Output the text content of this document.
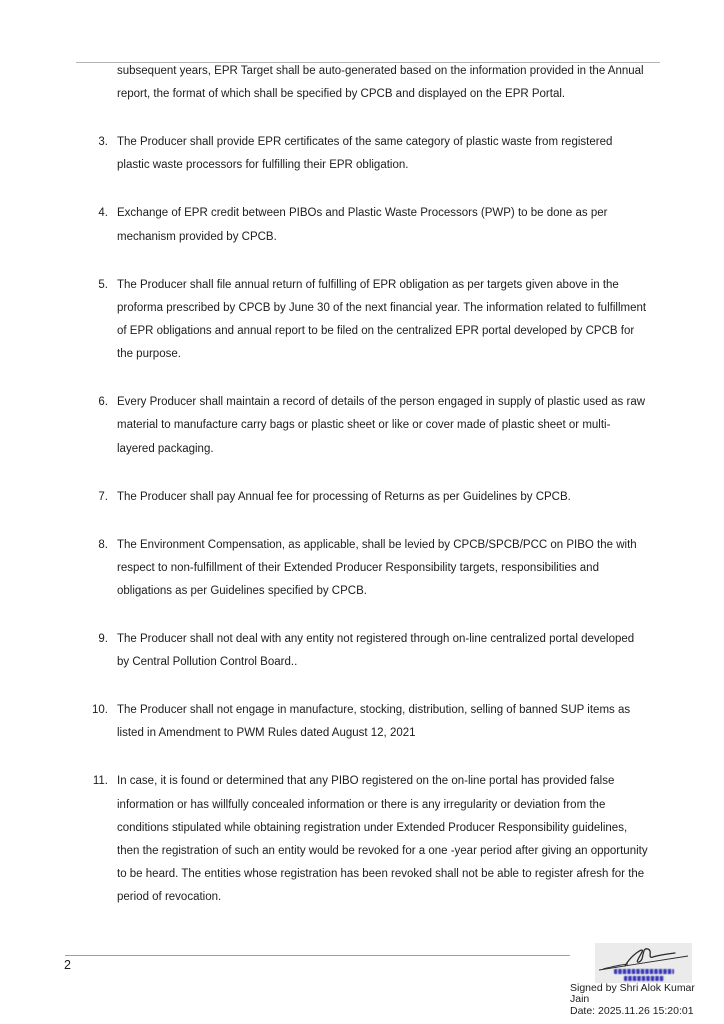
subsequent years, EPR Target shall be auto-generated based on the information provided in the Annual report, the format of which shall be specified by CPCB and displayed on the EPR Portal.

3. The Producer shall provide EPR certificates of the same category of plastic waste from registered plastic waste processors for fulfilling their EPR obligation.
4. Exchange of EPR credit between PIBOs and Plastic Waste Processors (PWP) to be done as per mechanism provided by CPCB.
5. The Producer shall file annual return of fulfilling of EPR obligation as per targets given above in the proforma prescribed by CPCB by June 30 of the next financial year. The information related to fulfillment of EPR obligations and annual report to be filed on the centralized EPR portal developed by CPCB for the purpose.
6. Every Producer shall maintain a record of details of the person engaged in supply of plastic used as raw material to manufacture carry bags or plastic sheet or like or cover made of plastic sheet or multi-layered packaging.
7. The Producer shall pay Annual fee for processing of Returns as per Guidelines by CPCB.
8. The Environment Compensation, as applicable, shall be levied by CPCB/SPCB/PCC on PIBO the with respect to non-fulfillment of their Extended Producer Responsibility targets, responsibilities and obligations as per Guidelines specified by CPCB.
9. The Producer shall not deal with any entity not registered through on-line centralized portal developed by Central Pollution Control Board..
10. The Producer shall not engage in manufacture, stocking, distribution, selling of banned SUP items as listed in Amendment to PWM Rules dated August 12, 2021
11. In case, it is found or determined that any PIBO registered on the on-line portal has provided false information or has willfully concealed information or there is any irregularity or deviation from the conditions stipulated while obtaining registration under Extended Producer Responsibility guidelines, then the registration of such an entity would be revoked for a one -year period after giving an opportunity to be heard. The entities whose registration has been revoked shall not be able to register afresh for the period of revocation.
2
Signed by Shri Alok Kumar Jain
Date: 2025.11.26 15:20:01
